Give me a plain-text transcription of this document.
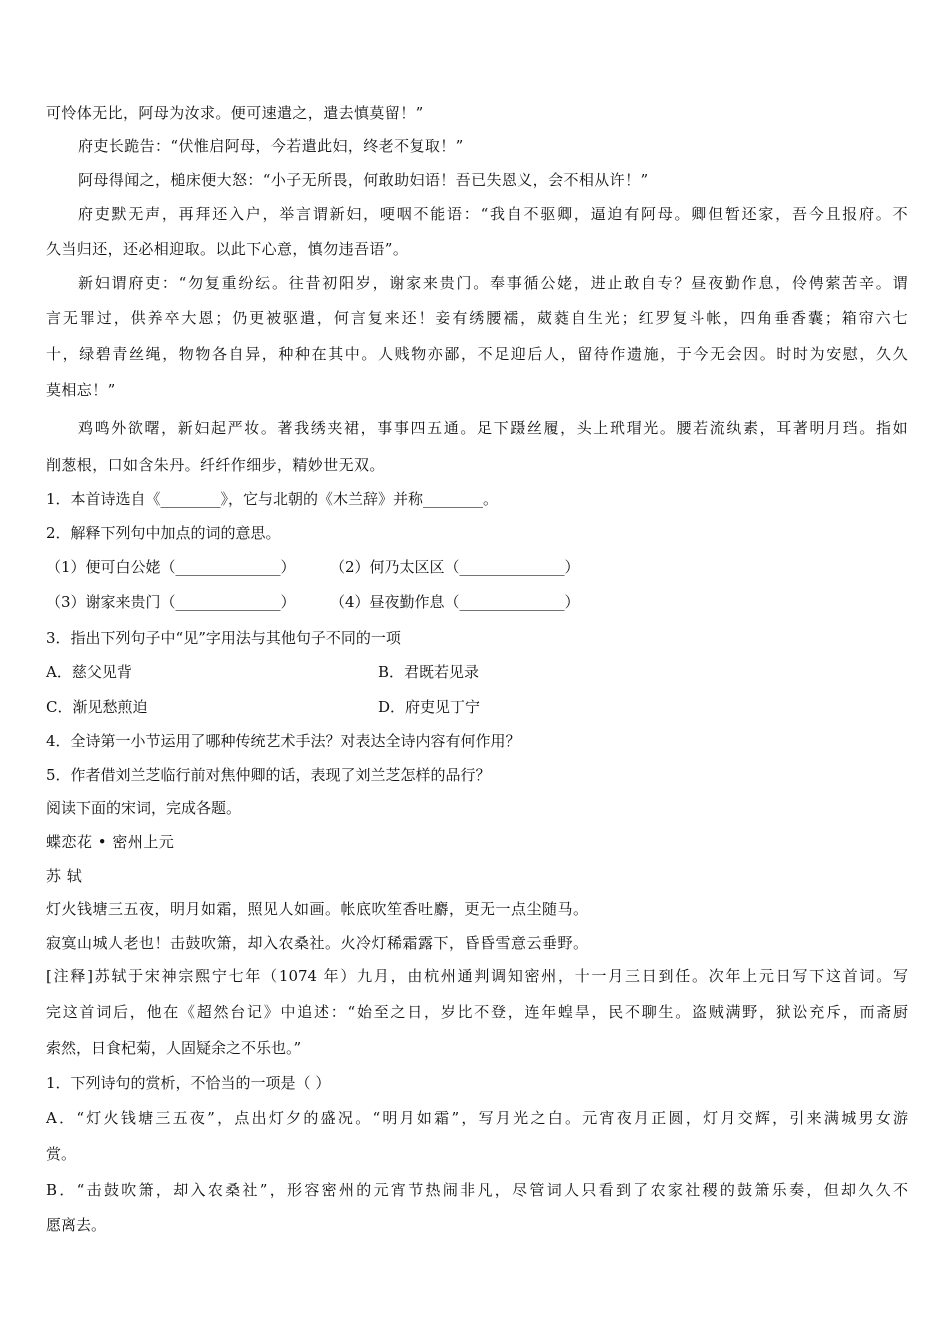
可怜体无比，阿母为汝求。便可速遣之，遣去慎莫留！”
府吏长跪告：“伏惟启阿母，今若遣此妇，终老不复取！”
阿母得闻之，槌床便大怒：“小子无所畏，何敢助妇语！吾已失恩义，会不相从许！”
府吏默无声，再拜还入户，举言谓新妇，哽咽不能语：“我自不驱卿，逼迫有阿母。卿但暂还家，吾今且报府。不
久当归还，还必相迎取。以此下心意，慎勿违吾语”。
新妇谓府吏：“勿复重纷纭。往昔初阳岁，谢家来贵门。奉事循公姥，进止敢自专？昼夜勤作息，伶俜萦苦辛。谓
言无罪过，供养卒大恩；仍更被驱遣，何言复来还！妾有绣腰襦，葳蕤自生光；红罗复斗帐，四角垂香囊；箱帘六七
十，绿碧青丝绳，物物各自异，种种在其中。人贱物亦鄙，不足迎后人，留待作遗施，于今无会因。时时为安慰，久久
莫相忘！”
鸡鸣外欲曙，新妇起严妆。著我绣夹裙，事事四五通。足下蹑丝履，头上玳瑁光。腰若流纨素，耳著明月珰。指如
削葱根，口如含朱丹。纤纤作细步，精妙世无双。
1．本首诗选自《________》，它与北朝的《木兰辞》并称________。
2．解释下列句中加点的词的意思。
（1）便可白公姥（______________） （2）何乃太区区（______________）
（3）谢家来贵门（______________） （4）昼夜勤作息（______________）
3．指出下列句子中“见”字用法与其他句子不同的一项
A．慈父见背	B．君既若见录
C．渐见愁煎迫	D．府吏见丁宁
4．全诗第一小节运用了哪种传统艺术手法？对表达全诗内容有何作用？
5．作者借刘兰芝临行前对焦仲卿的话，表现了刘兰芝怎样的品行？
阅读下面的宋词，完成各题。
蝶恋花 • 密州上元
苏 轼
灯火钱塘三五夜，明月如霜，照见人如画。帐底吹笙香吐麝，更无一点尘随马。
寂寞山城人老也！击鼓吹箫，却入农桑社。火冷灯稀霜露下，昏昏雪意云垂野。
[注释]苏轼于宋神宗熙宁七年（1074 年）九月，由杭州通判调知密州，十一月三日到任。次年上元日写下这首词。写
完这首词后，他在《超然台记》中追述：“始至之日，岁比不登，连年蝗旱，民不聊生。盗贼满野，狱讼充斥，而斋厨
索然，日食杞菊，人固疑余之不乐也。”
1．下列诗句的赏析，不恰当的一项是（ ）
A．“灯火钱塘三五夜”，点出灯夕的盛况。“明月如霜”，写月光之白。元宵夜月正圆，灯月交辉，引来满城男女游
赏。
B．“击鼓吹箫，却入农桑社”，形容密州的元宵节热闹非凡，尽管词人只看到了农家社稷的鼓箫乐奏，但却久久不
愿离去。
